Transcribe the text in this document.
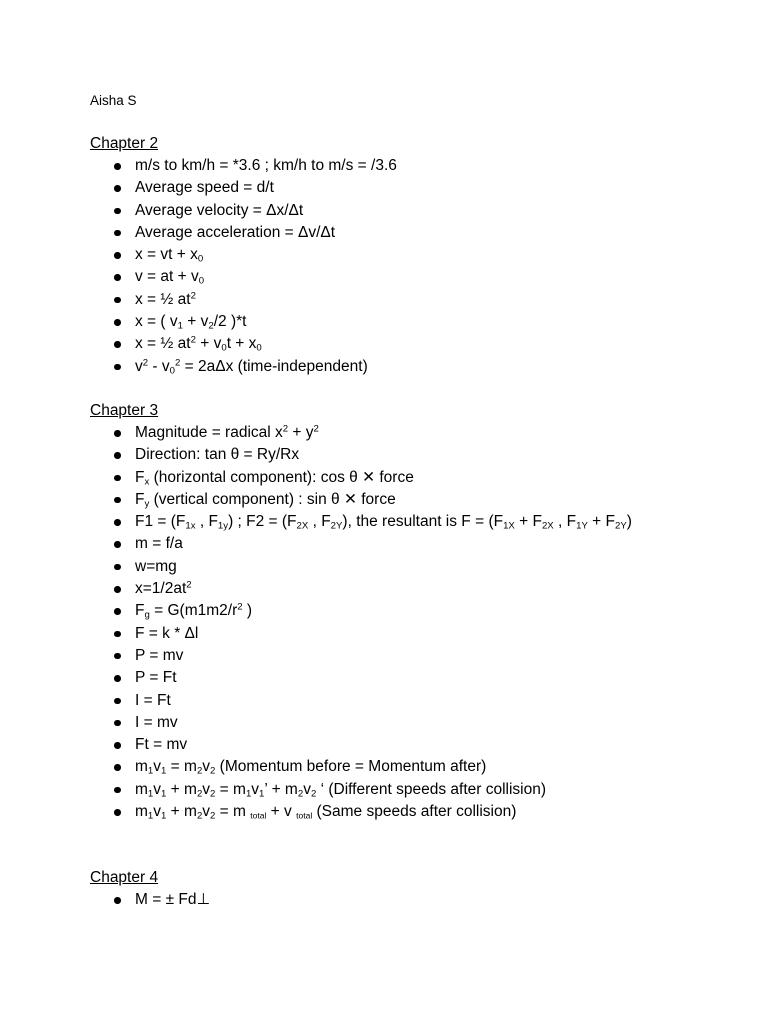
Aisha S
Chapter 2
m/s to km/h = *3.6 ; km/h to m/s = /3.6
Average speed = d/t
Average velocity = Δx/Δt
Average acceleration = Δv/Δt
x = vt + $x_0$
v = at + $v_0$
x = ½ $at^2$
x = ( $v_1 + v_2/2$ )*t
x = ½ $at^2 + v_0t + x_0$
$v^2 - v_0^2 = 2a\Delta x$ (time-independent)
Chapter 3
Magnitude = radical $x^2 + y^2$
Direction: tan θ = Ry/Rx
$F_x$ (horizontal component): cos θ ✕ force
$F_y$ (vertical component) : sin θ ✕ force
$F1 = (F_{1x}$ , $F_{1y}$) ; $F2 = (F_{2X}$ , $F_{2Y}$), the resultant is $F = (F_{1X} + F_{2X}$ , $F_{1Y} + F_{2Y}$)
m = f/a
w=mg
$x=1/2at^2$
$F_g = G(m1m2/r^2$ )
F = k * Δl
P = mv
P = Ft
I = Ft
I = mv
Ft = mv
$m_1v_1 = m_2v_2$ (Momentum before = Momentum after)
$m_1v_1 + m_2v_2 = m_1v_1$’ + $m_2v_2$ ‘ (Different speeds after collision)
$m_1v_1 + m_2v_2 = m$ $_{total}$ + v $_{total}$ (Same speeds after collision)
Chapter 4
M = ± Fd⊥
